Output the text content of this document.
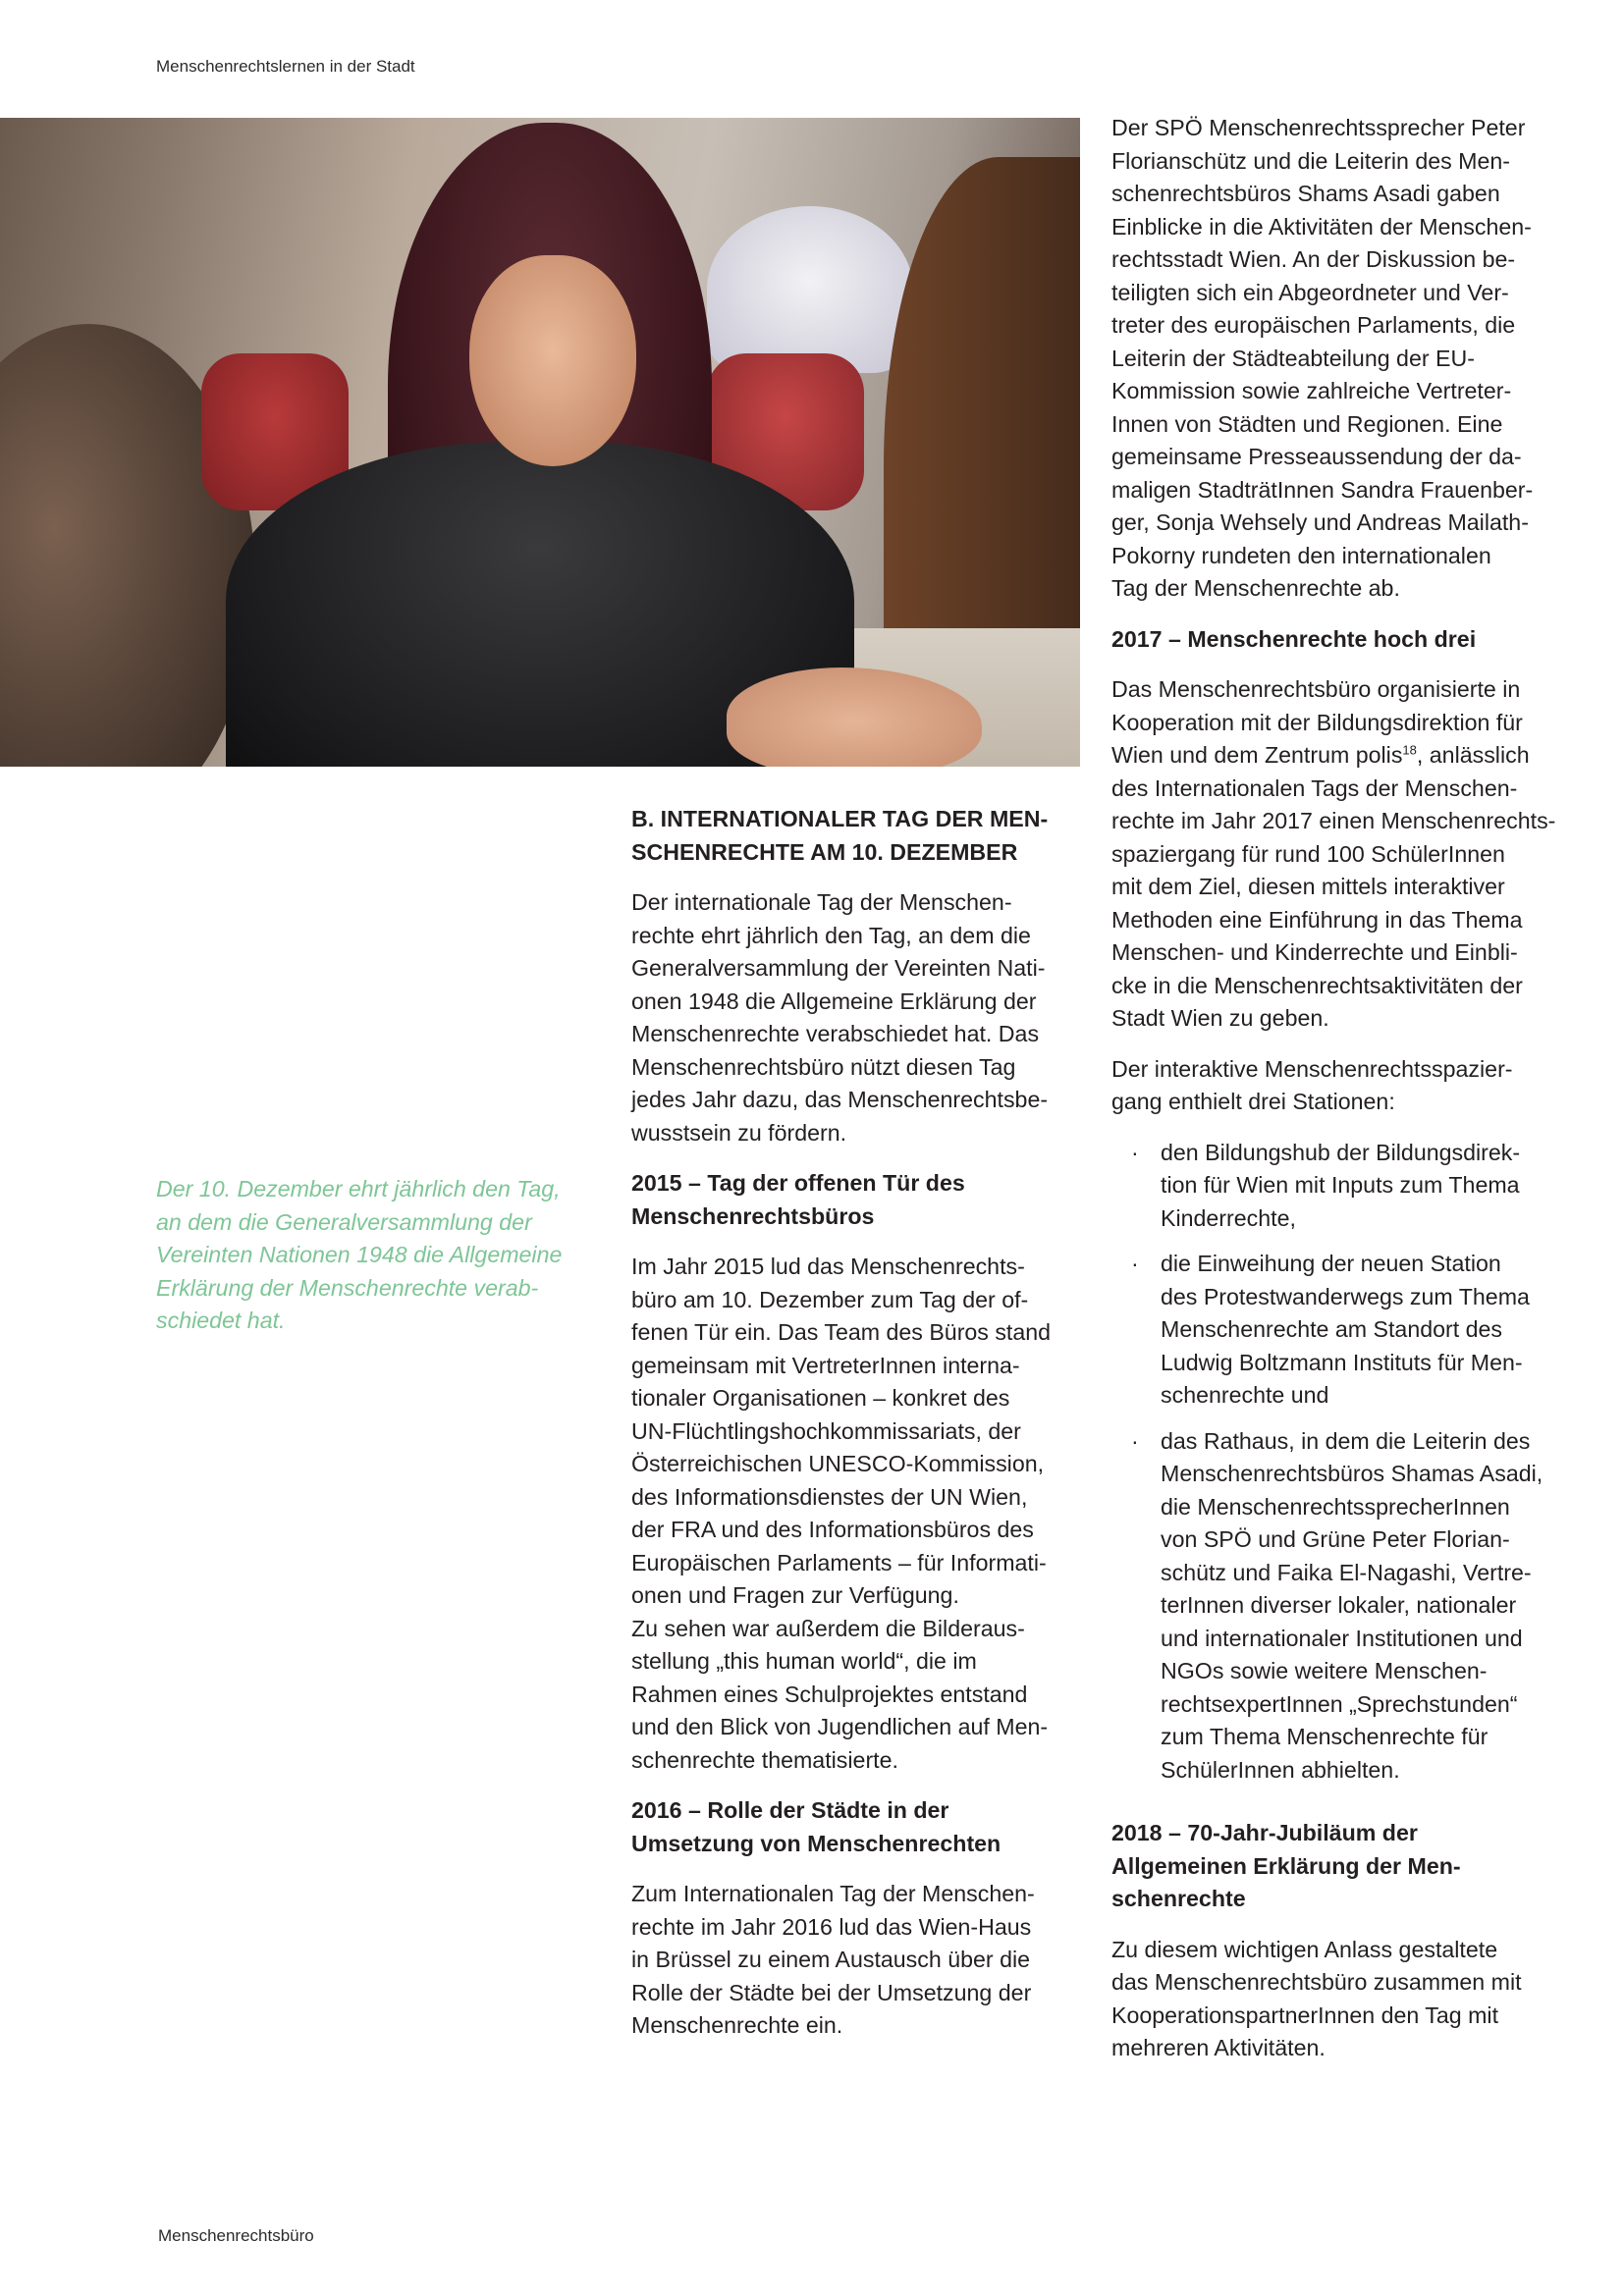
Menschenrechtslernen in der Stadt

Der 10. Dezember ehrt jährlich den Tag,

an dem die Generalversammlung der

Vereinten Nationen 1948 die Allgemeine

Erklärung der Menschenrechte verab-

schiedet hat.

B. INTERNATIONALER TAG DER MEN-
SCHENRECHTE AM 10. DEZEMBER

Der internationale Tag der Menschen-

rechte ehrt jährlich den Tag, an dem die

Generalversammlung der Vereinten Nati-

onen 1948 die Allgemeine Erklärung der

Menschenrechte verabschiedet hat. Das

Menschenrechtsbüro nützt diesen Tag

jedes Jahr dazu, das Menschenrechtsbe-

wusstsein zu fördern.

2015 – Tag der offenen Tür des
Menschenrechtsbüros

Im Jahr 2015 lud das Menschenrechts-

büro am 10. Dezember zum Tag der of-

fenen Tür ein. Das Team des Büros stand

gemeinsam mit VertreterInnen interna-

tionaler Organisationen – konkret des

UN-Flüchtlingshochkommissariats, der

Österreichischen UNESCO-Kommission,

des Informationsdienstes der UN Wien,

der FRA und des Informationsbüros des

Europäischen Parlaments – für Informati-

onen und Fragen zur Verfügung.

Zu sehen war außerdem die Bilderaus-

stellung „this human world“, die im

Rahmen eines Schulprojektes entstand

und den Blick von Jugendlichen auf Men-

schenrechte thematisierte.

2016 – Rolle der Städte in der
Umsetzung von Menschenrechten

Zum Internationalen Tag der Menschen-

rechte im Jahr 2016 lud das Wien-Haus

in Brüssel zu einem Austausch über die

Rolle der Städte bei der Umsetzung der

Menschenrechte ein.

Der SPÖ Menschenrechtssprecher Peter

Florianschütz und die Leiterin des Men-

schenrechtsbüros Shams Asadi gaben

Einblicke in die Aktivitäten der Menschen-

rechtsstadt Wien. An der Diskussion be-

teiligten sich ein Abgeordneter und Ver-

treter des europäischen Parlaments, die

Leiterin der Städteabteilung der EU-

Kommission sowie zahlreiche Vertreter-

Innen von Städten und Regionen. Eine

gemeinsame Presseaussendung der da-

maligen StadträtInnen Sandra Frauenber-

ger, Sonja Wehsely und Andreas Mailath-

Pokorny rundeten den internationalen

Tag der Menschenrechte ab.

2017 – Menschenrechte hoch drei

Das Menschenrechtsbüro organisierte in

Kooperation mit der Bildungsdirektion für

Wien und dem Zentrum polis$^{18}$, anlässlich

des Internationalen Tags der Menschen-

rechte im Jahr 2017 einen Menschenrechts-

spaziergang für rund 100 SchülerInnen

mit dem Ziel, diesen mittels interaktiver

Methoden eine Einführung in das Thema

Menschen- und Kinderrechte und Einbli-

cke in die Menschenrechtsaktivitäten der

Stadt Wien zu geben.

Der interaktive Menschenrechtsspazier-

gang enthielt drei Stationen:

· den Bildungshub der Bildungsdirek-
tion für Wien mit Inputs zum Thema
Kinderrechte,
· die Einweihung der neuen Station
des Protestwanderwegs zum Thema
Menschenrechte am Standort des
Ludwig Boltzmann Instituts für Men-
schenrechte und
· das Rathaus, in dem die Leiterin des
Menschenrechtsbüros Shamas Asadi,
die MenschenrechtssprecherInnen
von SPÖ und Grüne Peter Florian-
schütz und Faika El-Nagashi, Vertre-
terInnen diverser lokaler, nationaler
und internationaler Institutionen und
NGOs sowie weitere Menschen-
rechtsexpertInnen „Sprechstunden“
zum Thema Menschenrechte für
SchülerInnen abhielten.
2018 – 70-Jahr-Jubiläum der
Allgemeinen Erklärung der Men-
schenrechte

Zu diesem wichtigen Anlass gestaltete

das Menschenrechtsbüro zusammen mit

KooperationspartnerInnen den Tag mit

mehreren Aktivitäten.

Menschenrechtsbüro
